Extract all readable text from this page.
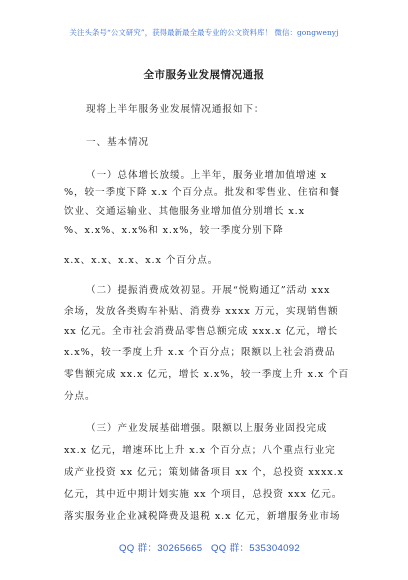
关注头条号“公文研究”，获得最新最全最专业的公文资料库！ 微信：gongwenyj
全市服务业发展情况通报
现将上半年服务业发展情况通报如下：
一、基本情况
（一）总体增长放缓。上半年，服务业增加值增速 x
%，较一季度下降 x.x 个百分点。批发和零售业、住宿和餐
饮业、交通运输业、其他服务业增加值分别增长 x.x
%、x.x%、x.x%和 x.x%，较一季度分别下降
x.x、x.x、x.x、x.x 个百分点。
（二）提振消费成效初显。开展“悦购通辽”活动 xxx
余场，发放各类购车补贴、消费券 xxxx 万元，实现销售额
xx 亿元。全市社会消费品零售总额完成 xxx.x 亿元，增长
x.x%，较一季度上升 x.x 个百分点；限额以上社会消费品
零售额完成 xx.x 亿元，增长 x.x%，较一季度上升 x.x 个百
分点。
（三）产业发展基础增强。限额以上服务业固投完成
xx.x 亿元，增速环比上升 x.x 个百分点；八个重点行业完
成产业投资 xx 亿元；策划储备项目 xx 个，总投资 xxxx.x
亿元，其中近中期计划实施 xx 个项目，总投资 xxx 亿元。
落实服务业企业减税降费及退税 x.x 亿元，新增服务业市场
QQ 群：30265665 QQ 群：535304092
